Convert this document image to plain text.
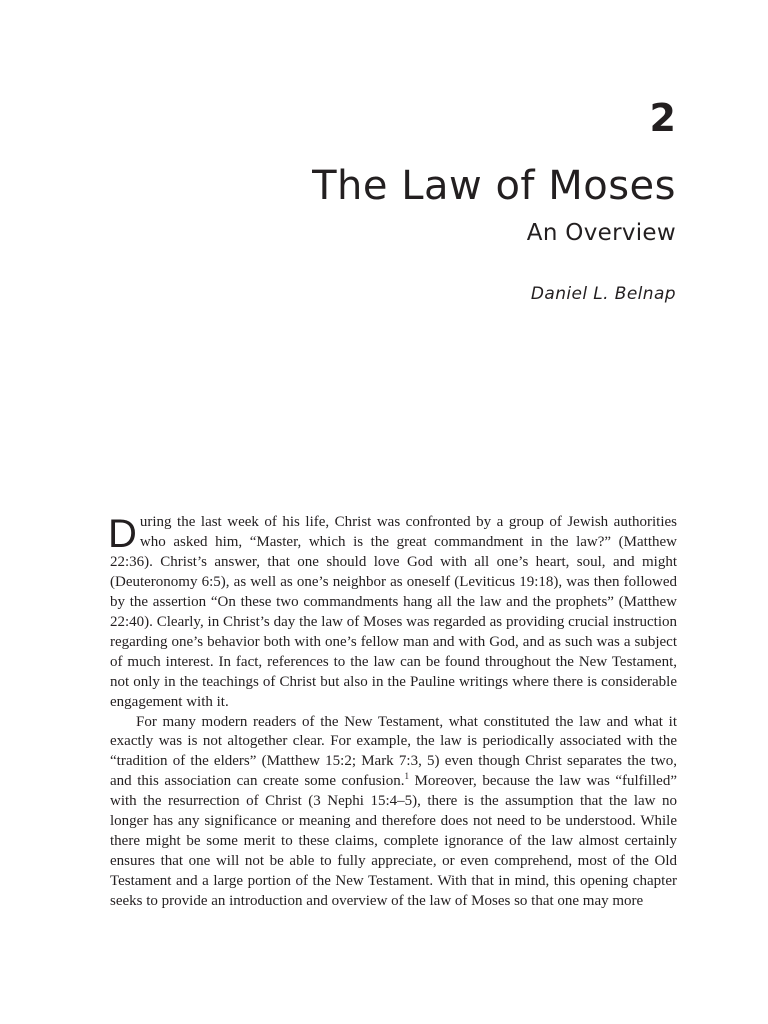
2
The Law of Moses
An Overview
Daniel L. Belnap

During the last week of his life, Christ was confronted by a group of Jewish authorities who asked him, “Master, which is the great commandment in the law?” (Matthew 22:36). Christ’s answer, that one should love God with all one’s heart, soul, and might (Deuteronomy 6:5), as well as one’s neighbor as oneself (Leviticus 19:18), was then followed by the assertion “On these two commandments hang all the law and the prophets” (Matthew 22:40). Clearly, in Christ’s day the law of Moses was regarded as providing crucial instruction regarding one’s behavior both with one’s fellow man and with God, and as such was a subject of much interest. In fact, references to the law can be found throughout the New Testament, not only in the teachings of Christ but also in the Pauline writings where there is considerable engagement with it.

For many modern readers of the New Testament, what constituted the law and what it exactly was is not altogether clear. For example, the law is periodically associated with the “tradition of the elders” (Matthew 15:2; Mark 7:3, 5) even though Christ separates the two, and this association can create some confusion.$^1$ Moreover, because the law was “fulfilled” with the resurrection of Christ (3 Nephi 15:4–5), there is the assumption that the law no longer has any significance or meaning and therefore does not need to be understood. While there might be some merit to these claims, complete ignorance of the law almost certainly ensures that one will not be able to fully appreciate, or even comprehend, most of the Old Testament and a large portion of the New Testament. With that in mind, this opening chapter seeks to provide an introduction and overview of the law of Moses so that one may more
